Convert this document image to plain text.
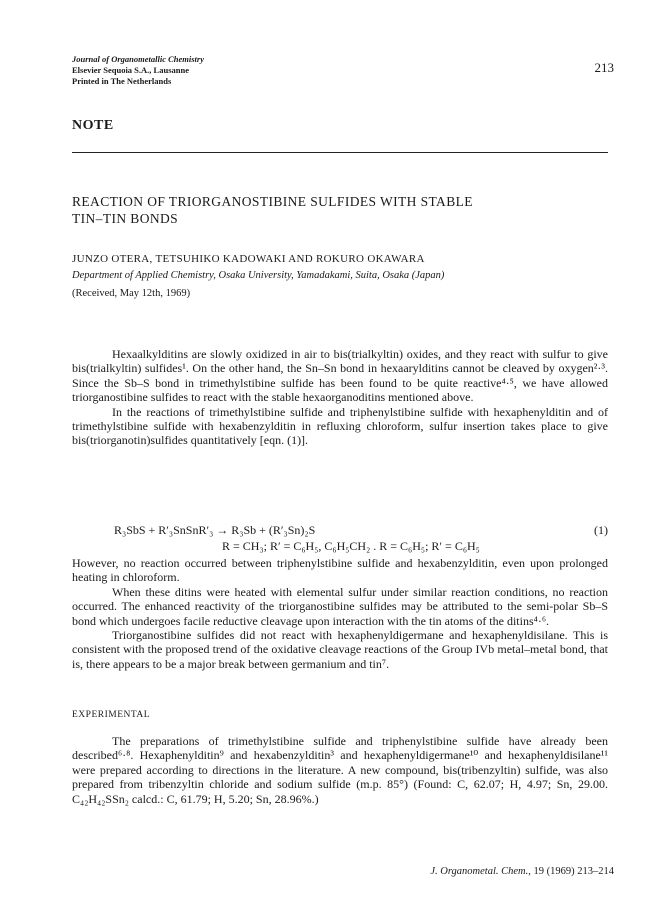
Journal of Organometallic Chemistry
Elsevier Sequoia S.A., Lausanne
Printed in The Netherlands
213
NOTE
REACTION OF TRIORGANOSTIBINE SULFIDES WITH STABLE
TIN–TIN BONDS
JUNZO OTERA, TETSUHIKO KADOWAKI AND ROKURO OKAWARA
Department of Applied Chemistry, Osaka University, Yamadakami, Suita, Osaka (Japan)
(Received, May 12th, 1969)

Hexaalkylditins are slowly oxidized in air to bis(trialkyltin) oxides, and they react with sulfur to give bis(trialkyltin) sulfides¹. On the other hand, the Sn–Sn bond in hexaarylditins cannot be cleaved by oxygen²·³. Since the Sb–S bond in trimethylstibine sulfide has been found to be quite reactive⁴·⁵, we have allowed triorganostibine sulfides to react with the stable hexaorganoditins mentioned above.

In the reactions of trimethylstibine sulfide and triphenylstibine sulfide with hexaphenylditin and of trimethylstibine sulfide with hexabenzylditin in refluxing chloroform, sulfur insertion takes place to give bis(triorganotin)sulfides quantitatively [eqn. (1)].

R₃SbS + R′₃SnSnR′₃ → R₃Sb + (R′₃Sn)₂S	(1)
R = CH₃; R′ = C₆H₅, C₆H₅CH₂ . R = C₆H₅; R′ = C₆H₅

However, no reaction occurred between triphenylstibine sulfide and hexabenzylditin, even upon prolonged heating in chloroform.

When these ditins were heated with elemental sulfur under similar reaction conditions, no reaction occurred. The enhanced reactivity of the triorganostibine sulfides may be attributed to the semi-polar Sb–S bond which undergoes facile reductive cleavage upon interaction with the tin atoms of the ditins⁴·⁶.

Triorganostibine sulfides did not react with hexaphenyldigermane and hexaphenyldisilane. This is consistent with the proposed trend of the oxidative cleavage reactions of the Group IVb metal–metal bond, that is, there appears to be a major break between germanium and tin⁷.

EXPERIMENTAL

The preparations of trimethylstibine sulfide and triphenylstibine sulfide have already been described⁶·⁸. Hexaphenylditin⁹ and hexabenzylditin³ and hexaphenyldigermane¹⁰ and hexaphenyldisilane¹¹ were prepared according to directions in the literature. A new compound, bis(tribenzyltin) sulfide, was also prepared from tribenzyltin chloride and sodium sulfide (m.p. 85°) (Found: C, 62.07; H, 4.97; Sn, 29.00. C₄₂H₄₂SSn₂ calcd.: C, 61.79; H, 5.20; Sn, 28.96%.)

J. Organometal. Chem., 19 (1969) 213–214
